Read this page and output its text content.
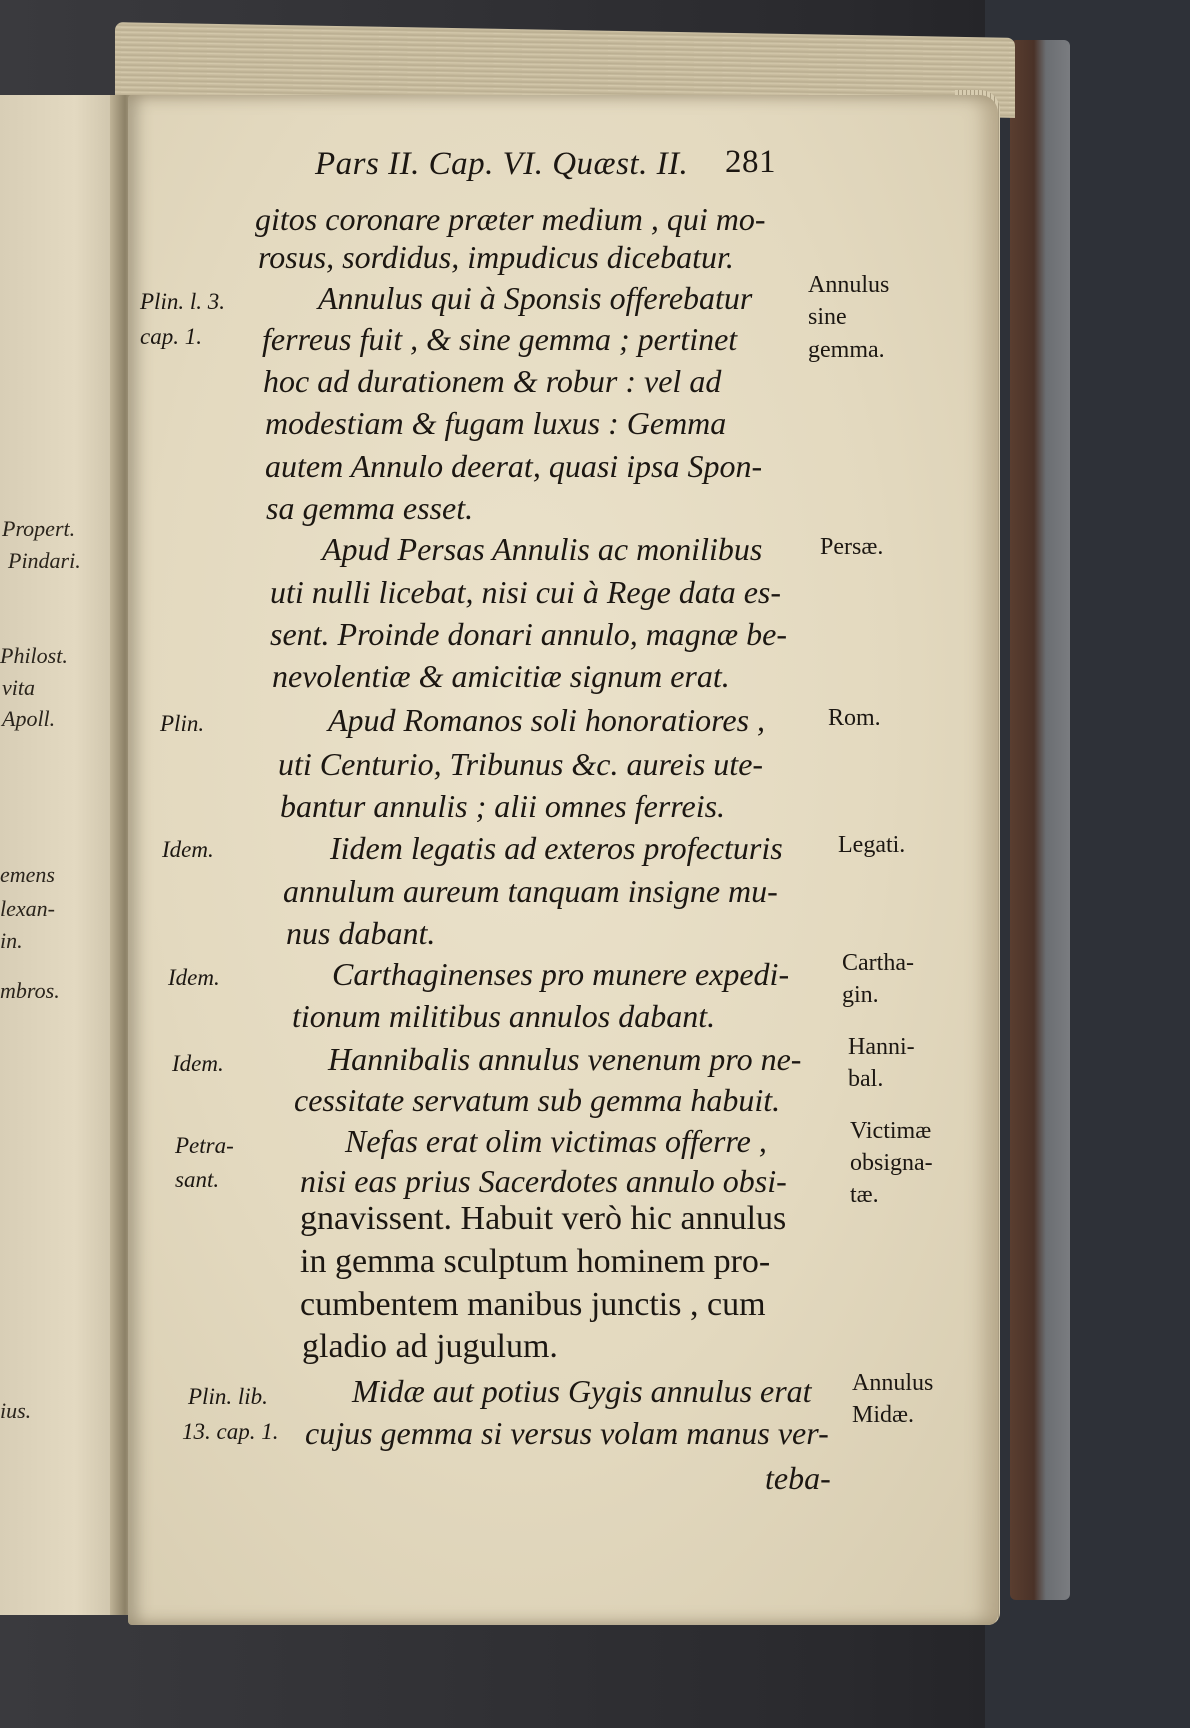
Propert.
Pindari.
Philost.
vita
Apoll.
emens
lexan-
in.
mbros.
ius.
Pars II. Cap. VI. Quæst. II. 281
gitos coronare præter medium , qui mo-
rosus, sordidus, impudicus dicebatur.
Annulus qui à Sponsis offerebatur
ferreus fuit , & sine gemma ; pertinet
hoc ad durationem & robur : vel ad
modestiam & fugam luxus : Gemma
autem Annulo deerat, quasi ipsa Spon-
sa gemma esset.
Apud Persas Annulis ac monilibus
uti nulli licebat, nisi cui à Rege data es-
sent. Proinde donari annulo, magnæ be-
nevolentiæ & amicitiæ signum erat.
Apud Romanos soli honoratiores ,
uti Centurio, Tribunus &c. aureis ute-
bantur annulis ; alii omnes ferreis.
Iidem legatis ad exteros profecturis
annulum aureum tanquam insigne mu-
nus dabant.
Carthaginenses pro munere expedi-
tionum militibus annulos dabant.
Hannibalis annulus venenum pro ne-
cessitate servatum sub gemma habuit.
Nefas erat olim victimas offerre ,
nisi eas prius Sacerdotes annulo obsi-
gnavissent. Habuit verò hic annulus
in gemma sculptum hominem pro-
cumbentem manibus junctis , cum
gladio ad jugulum.
Midæ aut potius Gygis annulus erat
cujus gemma si versus volam manus ver-
teba-
Plin. l. 3.
cap. 1.
Plin.
Idem.
Idem.
Idem.
Petra-
sant.
Plin. lib.
13. cap. 1.
Annulus
sine
gemma.
Persæ.
Rom.
Legati.
Cartha-
gin.
Hanni-
bal.
Victimæ
obsigna-
tæ.
Annulus
Midæ.
